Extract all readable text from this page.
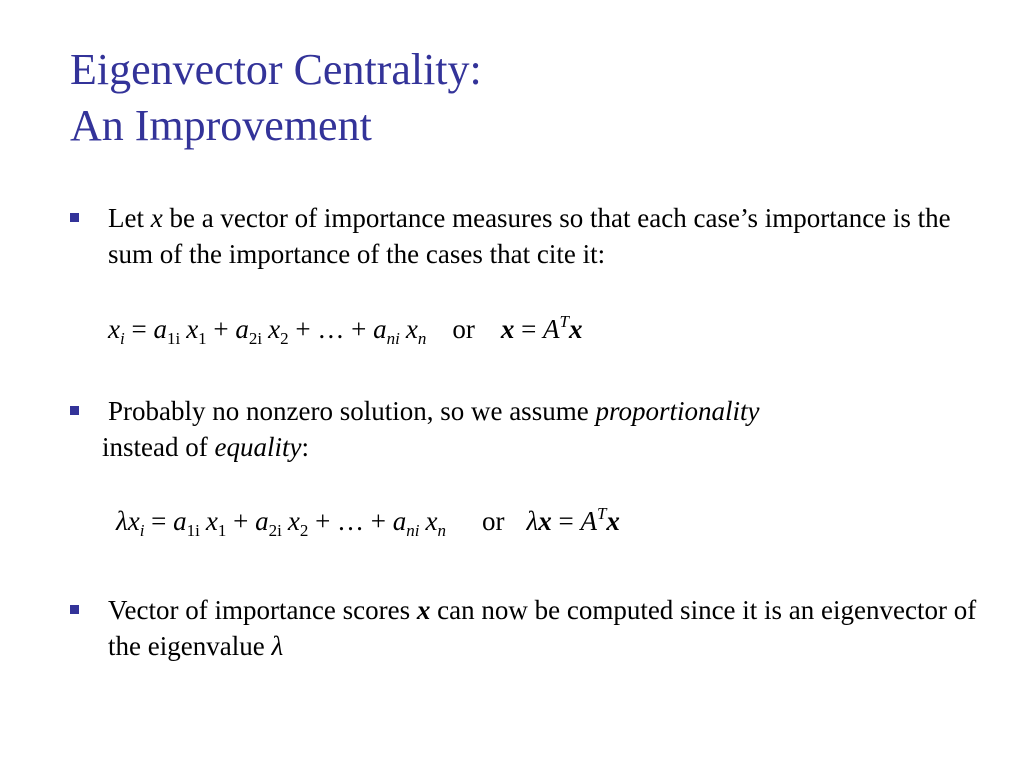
Eigenvector Centrality:
An Improvement
Let x be a vector of importance measures so that each case’s importance is the sum of the importance of the cases that cite it:
$x_i = a_{1i}$ $x_1 + a_{2i}$ $x_2$ + … + $a_{ni}$ $x_n$ or $x = A^Tx$
Probably no nonzero solution, so we assume proportionality
instead of equality:
$\lambda x_i = a_{1i}$ $x_1 + a_{2i}$ $x_2$ + … + $a_{ni}$ $x_n$ or $\lambda x = A^Tx$
Vector of importance scores x can now be computed since it is an eigenvector of the eigenvalue λ
